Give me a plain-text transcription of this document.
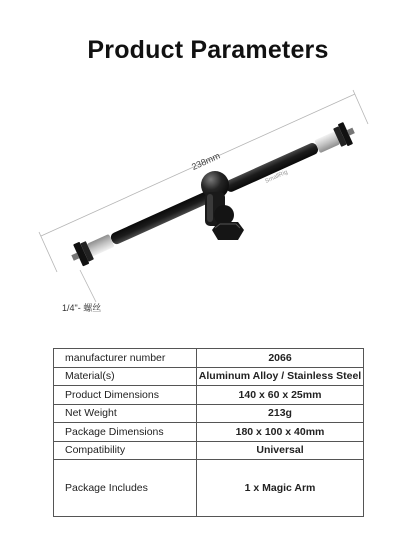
Product Parameters
238mm
SmallRig
1/4"- 螺丝
manufacturer number	2066
Material(s)	Aluminum Alloy / Stainless Steel
Product Dimensions	140 x 60 x 25mm
Net Weight	213g
Package Dimensions	180 x 100 x 40mm
Compatibility	Universal
Package Includes	1 x Magic Arm
